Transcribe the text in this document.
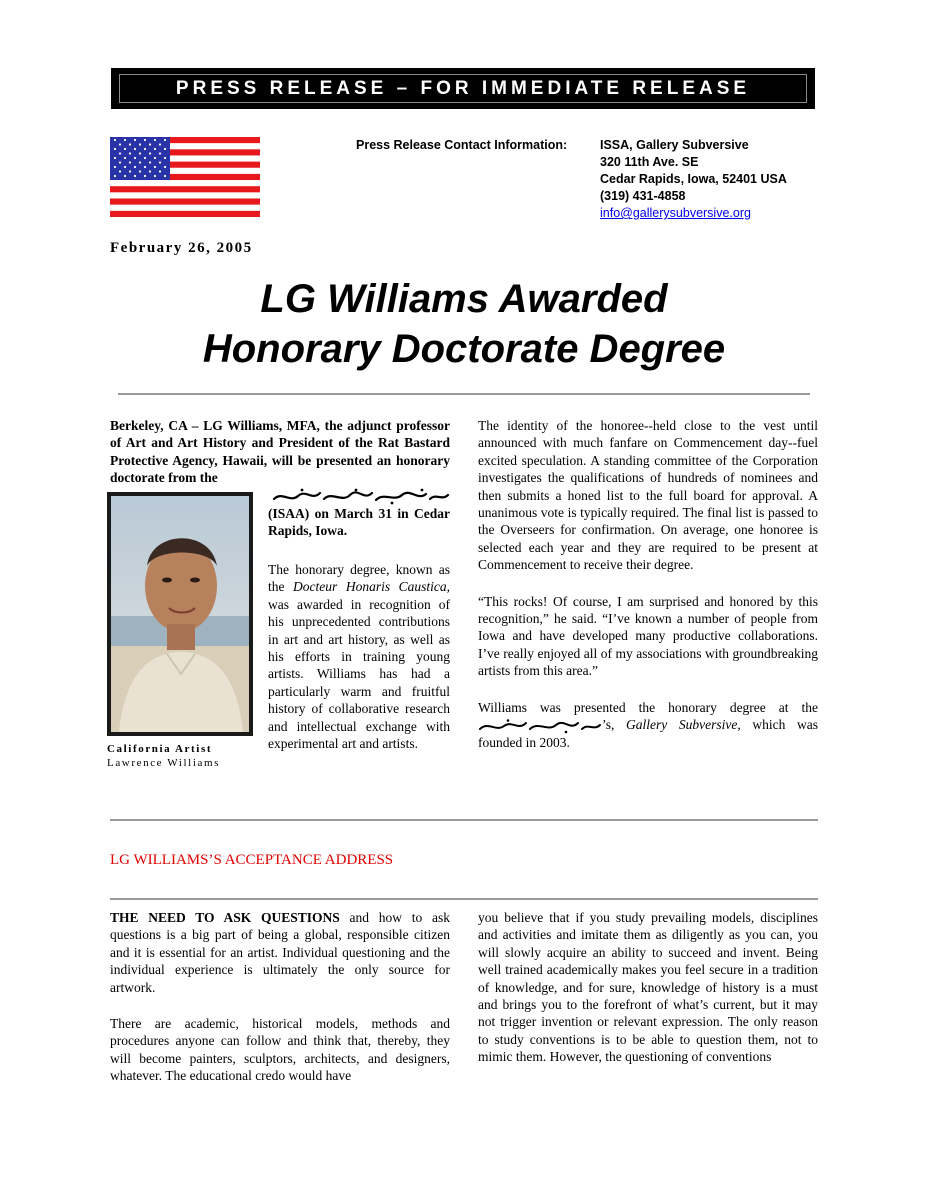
PRESS RELEASE – FOR IMMEDIATE RELEASE
Press Release Contact Information:	ISSA, Gallery Subversive
320 11th Ave. SE
Cedar Rapids, Iowa, 52401 USA
(319) 431-4858
info@gallerysubversive.org
February 26, 2005
LG Williams Awarded
Honorary Doctorate Degree
Berkeley, CA – LG Williams, MFA, the adjunct professor of Art and Art History and President of the Rat Bastard Protective Agency, Hawaii, will be presented an honorary doctorate from the
California Artist
Lawrence Williams
(ISAA) on March 31 in Cedar Rapids, Iowa.
The honorary degree, known as the Docteur Honaris Caustica, was awarded in recognition of his unprecedented contributions in art and art history, as well as his efforts in training young artists. Williams has had a particularly warm and fruitful history of collaborative research and intellectual exchange with experimental art and artists.

The identity of the honoree--held close to the vest until announced with much fanfare on Commencement day--fuel excited speculation. A standing committee of the Corporation investigates the qualifications of hundreds of nominees and then submits a honed list to the full board for approval. A unanimous vote is typically required. The final list is passed to the Overseers for confirmation. On average, one honoree is selected each year and they are required to be present at Commencement to receive their degree.

“This rocks! Of course, I am surprised and honored by this recognition,” he said. “I’ve known a number of people from Iowa and have developed many productive collaborations. I’ve really enjoyed all of my associations with groundbreaking artists from this area.”

Williams was presented the honorary degree at the ’s, Gallery Subversive, which was founded in 2003.

LG WILLIAMS’S ACCEPTANCE ADDRESS

THE NEED TO ASK QUESTIONS and how to ask questions is a big part of being a global, responsible citizen and it is essential for an artist. Individual questioning and the individual experience is ultimately the only source for artwork.

There are academic, historical models, methods and procedures anyone can follow and think that, thereby, they will become painters, sculptors, architects, and designers, whatever. The educational credo would have

you believe that if you study prevailing models, disciplines and activities and imitate them as diligently as you can, you will slowly acquire an ability to succeed and invent. Being well trained academically makes you feel secure in a tradition of knowledge, and for sure, knowledge of history is a must and brings you to the forefront of what’s current, but it may not trigger invention or relevant expression. The only reason to study conventions is to be able to question them, not to mimic them. However, the questioning of conventions
